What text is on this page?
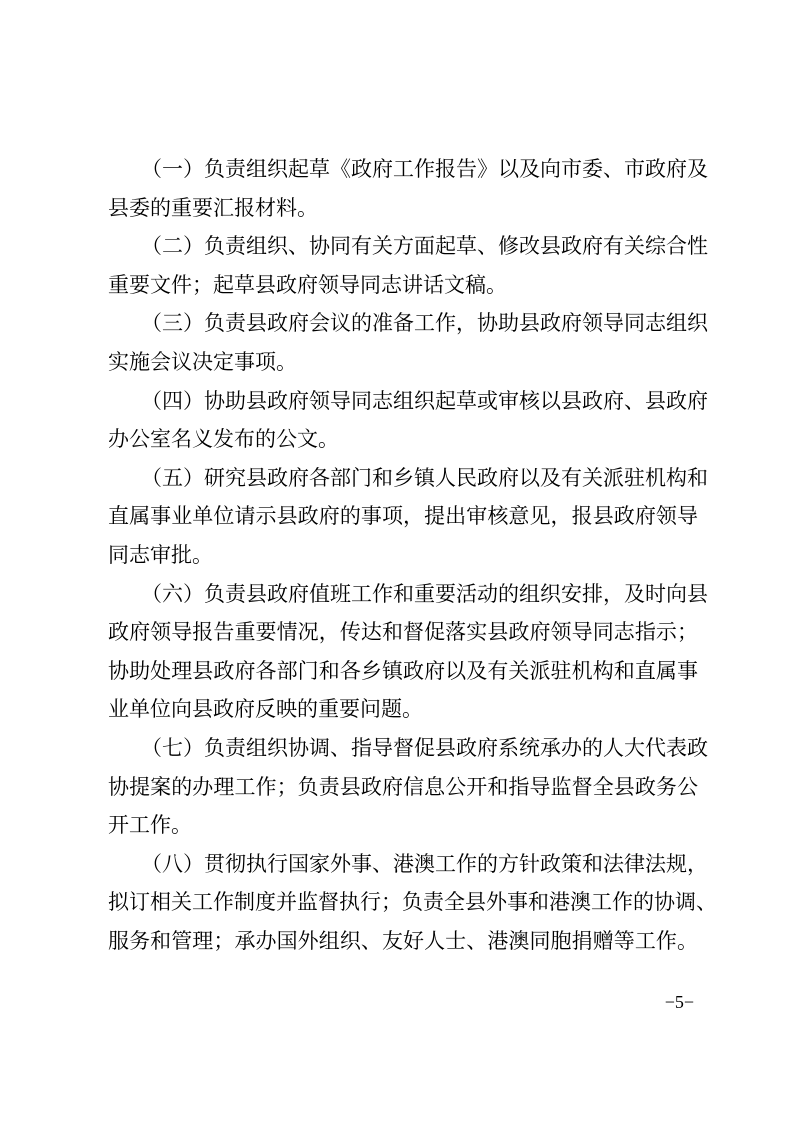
（一）负责组织起草《政府工作报告》以及向市委、市政府及
县委的重要汇报材料。
（二）负责组织、协同有关方面起草、修改县政府有关综合性
重要文件；起草县政府领导同志讲话文稿。
（三）负责县政府会议的准备工作，协助县政府领导同志组织
实施会议决定事项。
（四）协助县政府领导同志组织起草或审核以县政府、县政府
办公室名义发布的公文。
（五）研究县政府各部门和乡镇人民政府以及有关派驻机构和
直属事业单位请示县政府的事项，提出审核意见，报县政府领导
同志审批。
（六）负责县政府值班工作和重要活动的组织安排，及时向县
政府领导报告重要情况，传达和督促落实县政府领导同志指示；
协助处理县政府各部门和各乡镇政府以及有关派驻机构和直属事
业单位向县政府反映的重要问题。
（七）负责组织协调、指导督促县政府系统承办的人大代表政
协提案的办理工作；负责县政府信息公开和指导监督全县政务公
开工作。
（八）贯彻执行国家外事、港澳工作的方针政策和法律法规，
拟订相关工作制度并监督执行；负责全县外事和港澳工作的协调、
服务和管理；承办国外组织、友好人士、港澳同胞捐赠等工作。
−5−
